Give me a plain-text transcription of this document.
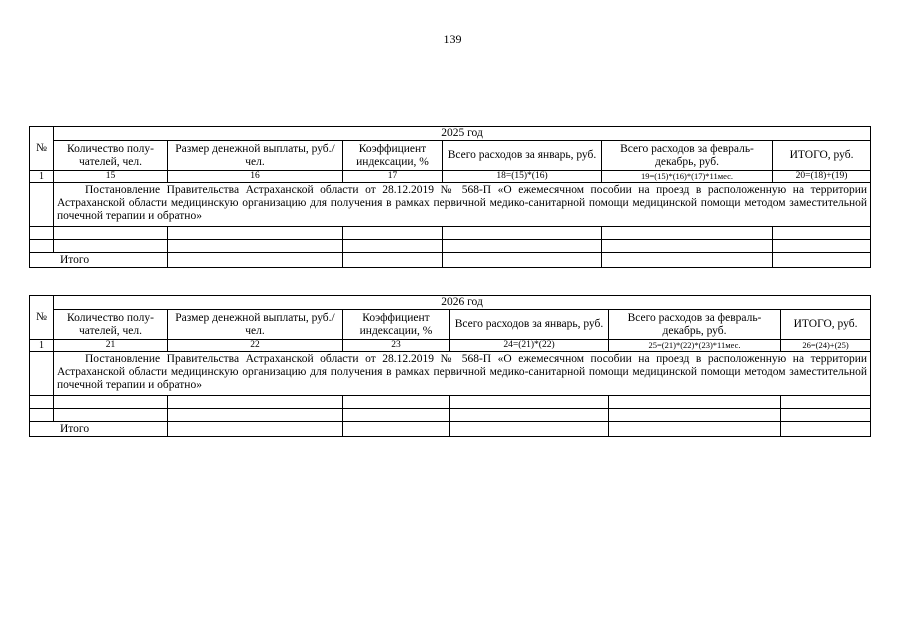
139
№	2025 год					
	Количество полу-чателей, чел.	Размер денежной выплаты, руб./чел.	Коэффициент индексации, %	Всего расходов за январь, руб.	Всего расходов за февраль-декабрь, руб.	ИТОГО, руб.
1	15	16	17	18=(15)*(16)	19=(15)*(16)*(17)*11мес.	20=(18)+(19)

	Постановление Правительства Астраханской области от 28.12.2019 № 568-П «О ежемесячном пособии на проезд в расположенную на территории Астраханской области медицинскую организацию для получения в рамках первичной медико-санитарной помощи медицинской помощи методом заместительной почечной терапии и обратно»					

Итого						
№	2026 год					
	Количество полу-чателей, чел.	Размер денежной выплаты, руб./чел.	Коэффициент индексации, %	Всего расходов за январь, руб.	Всего расходов за февраль-декабрь, руб.	ИТОГО, руб.
1	21	22	23	24=(21)*(22)	25=(21)*(22)*(23)*11мес.	26=(24)+(25)

	Постановление Правительства Астраханской области от 28.12.2019 № 568-П «О ежемесячном пособии на проезд в расположенную на территории Астраханской области медицинскую организацию для получения в рамках первичной медико-санитарной помощи медицинской помощи методом заместительной почечной терапии и обратно»					

Итого						
